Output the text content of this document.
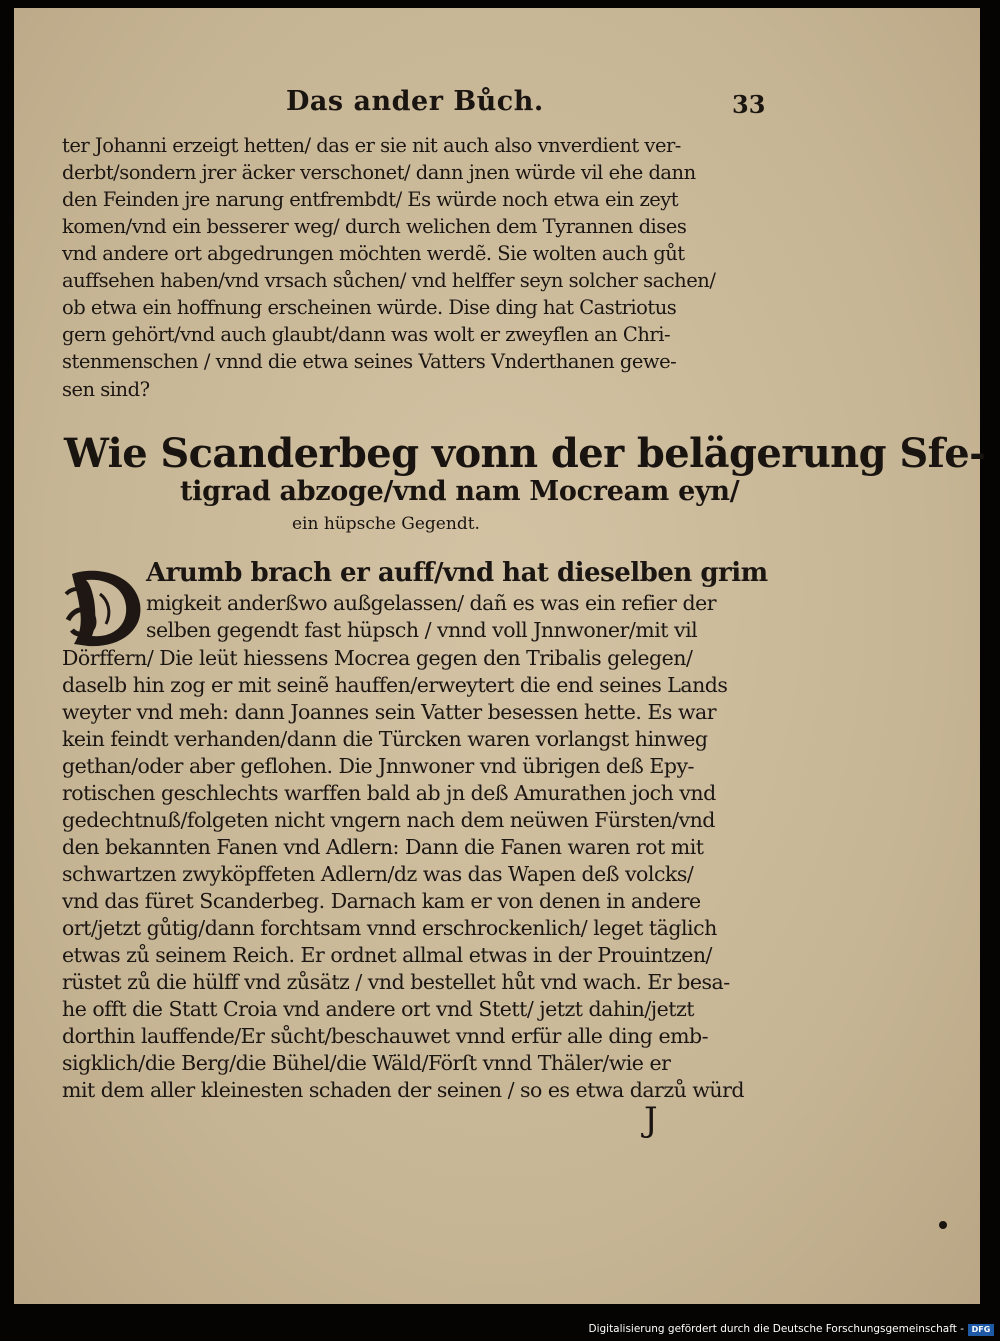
Das ander Bůch.	33
ter Johanni erzeigt hetten/ das er sie nit auch also vnverdient ver-
derbt/sondern jrer äcker verschonet/ dann jnen würde vil ehe dann
den Feinden jre narung entfrembdt/ Es würde noch etwa ein zeyt
komen/vnd ein besserer weg/ durch welichen dem Tyrannen dises
vnd andere ort abgedrungen möchten werdẽ. Sie wolten auch gůt
auffsehen haben/vnd vrsach sůchen/ vnd helffer seyn solcher sachen/
ob etwa ein hoffnung erscheinen würde. Dise ding hat Castriotus
gern gehört/vnd auch glaubt/dann was wolt er zweyflen an Chri-
stenmenschen / vnnd die etwa seines Vatters Vnderthanen gewe-
sen sind?
Wie Scanderbeg vonn der belägerung Sfe-
tigrad abzoge/vnd nam Mocream eyn/
ein hüpsche Gegendt.
Arumb brach er auff/vnd hat dieselben grim
migkeit anderßwo außgelassen/ dañ es was ein refier der
selben gegendt fast hüpsch / vnnd voll Jnnwoner/mit vil
Dörffern/ Die leüt hiessens Mocrea gegen den Tribalis gelegen/
daselb hin zog er mit seinẽ hauffen/erweytert die end seines Lands
weyter vnd meh: dann Joannes sein Vatter besessen hette. Es war
kein feindt verhanden/dann die Türcken waren vorlangst hinweg
gethan/oder aber geflohen. Die Jnnwoner vnd übrigen deß Epy-
rotischen geschlechts warffen bald ab jn deß Amurathen joch vnd
gedechtnuß/folgeten nicht vngern nach dem neüwen Fürsten/vnd
den bekannten Fanen vnd Adlern: Dann die Fanen waren rot mit
schwartzen zwyköpffeten Adlern/dz was das Wapen deß volcks/
vnd das füret Scanderbeg. Darnach kam er von denen in andere
ort/jetzt gůtig/dann forchtsam vnnd erschrockenlich/ leget täglich
etwas zů seinem Reich. Er ordnet allmal etwas in der Prouintzen/
rüstet zů die hülff vnd zůsätz / vnd bestellet hůt vnd wach. Er besa-
he offt die Statt Croia vnd andere ort vnd Stett/ jetzt dahin/jetzt
dorthin lauffende/Er sůcht/beschauwet vnnd erfür alle ding emb-
sigklich/die Berg/die Bühel/die Wäld/Förſt vnnd Thäler/wie er
mit dem aller kleinesten schaden der seinen / so es etwa darzů würd
J
Digitalisierung gefördert durch die Deutsche Forschungsgemeinschaft - DFG
